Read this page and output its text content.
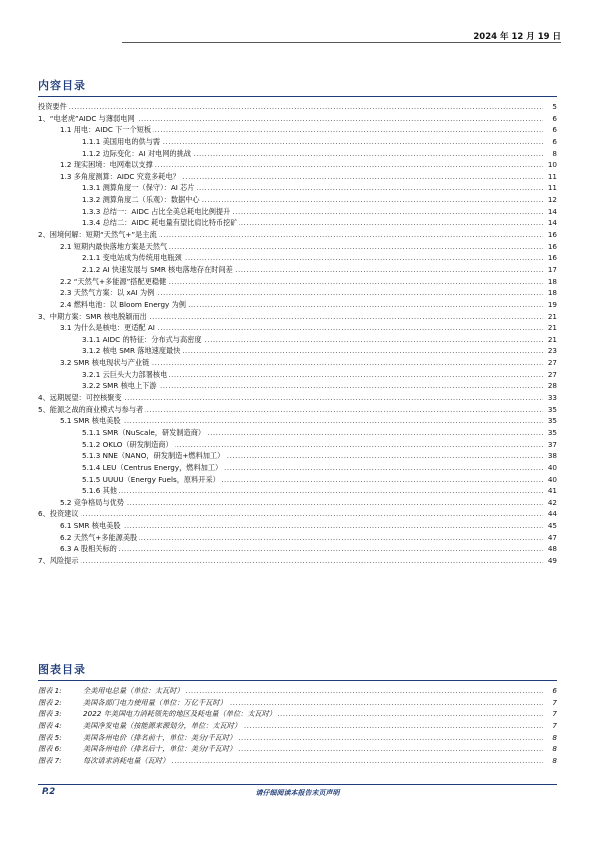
2024 年 12 月 19 日
内容目录
.....
投资要件	5
.....
1、“电老虎”AIDC 与薄弱电网	6
.....
1.1 用电：AIDC 下一个短板	6
.....
1.1.1 美国用电的供与需	6
.....
1.1.2 边际变化：AI 对电网的挑战	8
.....
1.2 现实困境：电网难以支撑	10
.....
1.3 多角度测算：AIDC 究竟多耗电？	11
.....
1.3.1 测算角度一（保守）：AI 芯片	11
.....
1.3.2 测算角度二（乐观）：数据中心	12
.....
1.3.3 总结一：AIDC 占比全美总耗电比例提升	14
.....
1.3.4 总结二：AIDC 耗电量有望比肩比特币挖矿	14
.....
2、困境何解：短期“天然气+”是主流	16
.....
2.1 短期内最快落地方案是天然气	16
.....
2.1.1 变电站成为传统用电瓶颈	16
.....
2.1.2 AI 快速发展与 SMR 核电落地存在时间差	17
.....
2.2 “天然气+多能源”搭配更稳健	18
.....
2.3 天然气方案：以 xAI 为例	18
.....
2.4 燃料电池：以 Bloom Energy 为例	19
.....
3、中期方案：SMR 核电脱颖而出	21
.....
3.1 为什么是核电：更适配 AI	21
.....
3.1.1 AIDC 的特征：分布式与高密度	21
.....
3.1.2 核电 SMR 落地速度最快	23
.....
3.2 SMR 核电现状与产业链	27
.....
3.2.1 云巨头大力部署核电	27
.....
3.2.2 SMR 核电上下游	28
.....
4、远期展望：可控核聚变	33
.....
5、能源之战的商业模式与参与者	35
.....
5.1 SMR 核电美股	35
.....
5.1.1 SMR（NuScale，研发制造商）	35
.....
5.1.2 OKLO（研发制造商）	37
.....
5.1.3 NNE（NANO，研发制造+燃料加工）	38
.....
5.1.4 LEU（Centrus Energy，燃料加工）	40
.....
5.1.5 UUUU（Energy Fuels，原料开采）	40
.....
5.1.6 其他	41
.....
5.2 竞争格局与优势	42
.....
6、投资建议	44
.....
6.1 SMR 核电美股	45
.....
6.2 天然气+多能源美股	47
.....
6.3 A 股相关标的	48
.....
7、风险提示	49
图表目录
.....
图表 1:	全美用电总量（单位：太瓦时）	6
.....
图表 2:	美国各部门电力使用量（单位：万亿千瓦时）	7
.....
图表 3:	2022 年美国电力消耗领先的地区及耗电量（单位：太瓦时）	7
.....
图表 4:	美国净发电量（按能源来源划分，单位：太瓦时）	7
.....
图表 5:	美国各州电价（排名前十，单位：美分/千瓦时）	8
.....
图表 6:	美国各州电价（排名后十，单位：美分/千瓦时）	8
.....
图表 7:	每次请求消耗电量（瓦时）	8
P.2	请仔细阅读本报告末页声明
